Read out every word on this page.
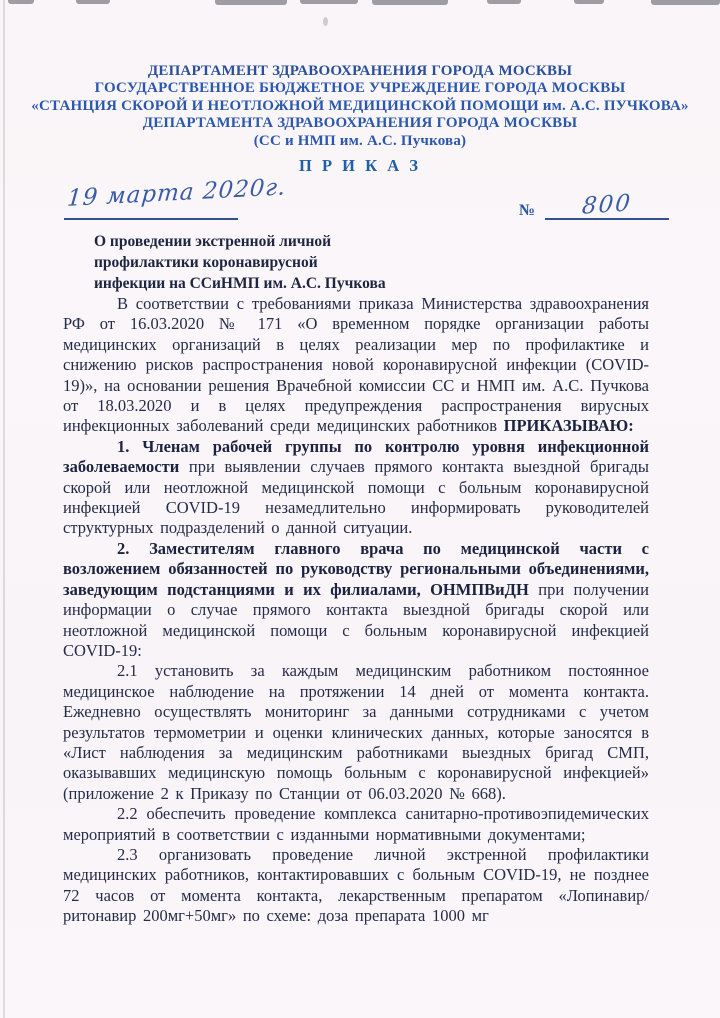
ДЕПАРТАМЕНТ ЗДРАВООХРАНЕНИЯ ГОРОДА МОСКВЫ
ГОСУДАРСТВЕННОЕ БЮДЖЕТНОЕ УЧРЕЖДЕНИЕ ГОРОДА МОСКВЫ
«СТАНЦИЯ СКОРОЙ И НЕОТЛОЖНОЙ МЕДИЦИНСКОЙ ПОМОЩИ им. А.С. ПУЧКОВА»
ДЕПАРТАМЕНТА ЗДРАВООХРАНЕНИЯ ГОРОДА МОСКВЫ
(СС и НМП им. А.С. Пучкова)
П Р И К А З
19 марта 2020г.	№ 800
О проведении экстренной личной
профилактики коронавирусной
инфекции на ССиНМП им. А.С. Пучкова

В соответствии с требованиями приказа Министерства здравоохранения РФ от 16.03.2020 № 171 «О временном порядке организации работы медицинских организаций в целях реализации мер по профилактике и снижению рисков распространения новой коронавирусной инфекции (COVID-19)», на основании решения Врачебной комиссии СС и НМП им. А.С. Пучкова от 18.03.2020 и в целях предупреждения распространения вирусных инфекционных заболеваний среди медицинских работников ПРИКАЗЫВАЮ:

1. Членам рабочей группы по контролю уровня инфекционной заболеваемости при выявлении случаев прямого контакта выездной бригады скорой или неотложной медицинской помощи с больным коронавирусной инфекцией COVID-19 незамедлительно информировать руководителей структурных подразделений о данной ситуации.

2. Заместителям главного врача по медицинской части с возложением обязанностей по руководству региональными объединениями, заведующим подстанциями и их филиалами, ОНМПВиДН при получении информации о случае прямого контакта выездной бригады скорой или неотложной медицинской помощи с больным коронавирусной инфекцией COVID-19:

2.1 установить за каждым медицинским работником постоянное медицинское наблюдение на протяжении 14 дней от момента контакта. Ежедневно осуществлять мониторинг за данными сотрудниками с учетом результатов термометрии и оценки клинических данных, которые заносятся в «Лист наблюдения за медицинским работниками выездных бригад СМП, оказывавших медицинскую помощь больным с коронавирусной инфекцией» (приложение 2 к Приказу по Станции от 06.03.2020 № 668).

2.2 обеспечить проведение комплекса санитарно-противоэпидемических мероприятий в соответствии с изданными нормативными документами;

2.3 организовать проведение личной экстренной профилактики медицинских работников, контактировавших с больным COVID-19, не позднее 72 часов от момента контакта, лекарственным препаратом «Лопинавир/ритонавир 200мг+50мг» по схеме: доза препарата 1000 мг
